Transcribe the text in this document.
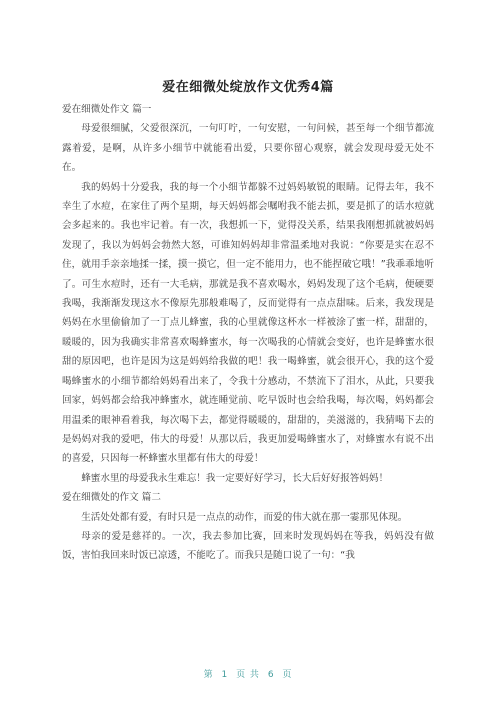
爱在细微处绽放作文优秀4篇

爱在细微处作文 篇一

母爱很细腻，父爱很深沉，一句叮咛，一句安慰，一句问候，甚至每一个细节都流露着爱，是啊，从许多小细节中就能看出爱，只要你留心观察，就会发现母爱无处不在。

我的妈妈十分爱我，我的每一个小细节都躲不过妈妈敏锐的眼睛。记得去年，我不幸生了水痘，在家住了两个星期，每天妈妈都会嘱咐我不能去抓，要是抓了的话水痘就会多起来的。我也牢记着。有一次，我想抓一下，觉得没关系，结果我刚想抓就被妈妈发现了，我以为妈妈会勃然大怒，可谁知妈妈却非常温柔地对我说：“你要是实在忍不住，就用手亲亲地揉一揉，摸一摸它，但一定不能用力，也不能捏破它哦！”我乖乖地听了。可生水痘时，还有一大毛病，那就是我不喜欢喝水，妈妈发现了这个毛病，便硬要我喝，我渐渐发现这水不像原先那般难喝了，反而觉得有一点点甜味。后来，我发现是妈妈在水里偷偷加了一丁点儿蜂蜜，我的心里就像这杯水一样被涂了蜜一样，甜甜的，暖暖的，因为我确实非常喜欢喝蜂蜜水，每一次喝我的心情就会变好，也许是蜂蜜水很甜的原因吧，也许是因为这是妈妈给我做的吧！我一喝蜂蜜，就会很开心，我的这个爱喝蜂蜜水的小细节都给妈妈看出来了，令我十分感动，不禁流下了泪水，从此，只要我回家，妈妈都会给我冲蜂蜜水，就连睡觉前、吃早饭时也会给我喝，每次喝，妈妈都会用温柔的眼神看着我，每次喝下去，都觉得暖暖的，甜甜的，美滋滋的，我猜喝下去的是妈妈对我的爱吧，伟大的母爱！从那以后，我更加爱喝蜂蜜水了，对蜂蜜水有说不出的喜爱，只因每一杯蜂蜜水里都有伟大的母爱！

蜂蜜水里的母爱我永生难忘！我一定要好好学习，长大后好好报答妈妈！

爱在细微处的作文 篇二

生活处处都有爱，有时只是一点点的动作，而爱的伟大就在那一霎那见体现。

母亲的爱是慈祥的。一次，我去参加比赛，回来时发现妈妈在等我，妈妈没有做饭，害怕我回来时饭已凉透，不能吃了。而我只是随口说了一句：“我

第 1 页 共 6 页
